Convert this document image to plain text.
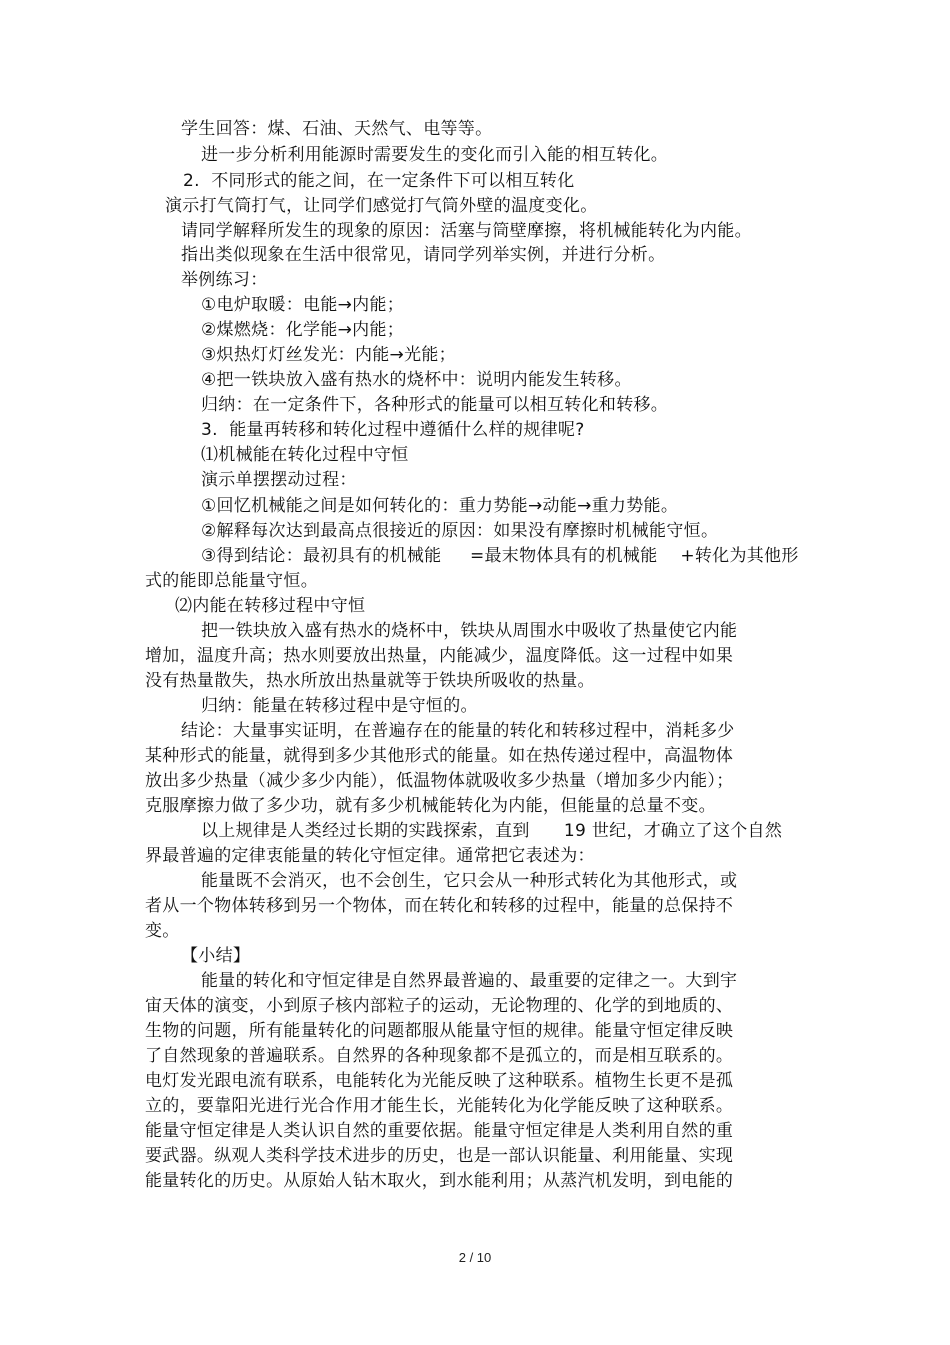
学生回答：煤、石油、天然气、电等等。
进一步分析利用能源时需要发生的变化而引入能的相互转化。
2.  不同形式的能之间，在一定条件下可以相互转化
演示打气筒打气，让同学们感觉打气筒外壁的温度变化。
请同学解释所发生的现象的原因：活塞与筒壁摩擦，将机械能转化为内能。
指出类似现象在生活中很常见，请同学列举实例，并进行分析。
举例练习：
①电炉取暖：电能→内能；
②煤燃烧：化学能→内能；
③炽热灯灯丝发光：内能→光能；
④把一铁块放入盛有热水的烧杯中：说明内能发生转移。
归纳：在一定条件下，各种形式的能量可以相互转化和转移。
3.  能量再转移和转化过程中遵循什么样的规律呢?
⑴机械能在转化过程中守恒
演示单摆摆动过程：
①回忆机械能之间是如何转化的：重力势能→动能→重力势能。
②解释每次达到最高点很接近的原因：如果没有摩擦时机械能守恒。
③得到结论：最初具有的机械能     =最末物体具有的机械能    +转化为其他形
式的能即总能量守恒。
⑵内能在转移过程中守恒
把一铁块放入盛有热水的烧杯中，铁块从周围水中吸收了热量使它内能
增加，温度升高；热水则要放出热量，内能减少，温度降低。这一过程中如果
没有热量散失，热水所放出热量就等于铁块所吸收的热量。
归纳：能量在转移过程中是守恒的。
结论：大量事实证明，在普遍存在的能量的转化和转移过程中，消耗多少
某种形式的能量，就得到多少其他形式的能量。如在热传递过程中，高温物体
放出多少热量（减少多少内能），低温物体就吸收多少热量（增加多少内能）；
克服摩擦力做了多少功，就有多少机械能转化为内能，但能量的总量不变。
以上规律是人类经过长期的实践探索，直到      19 世纪，才确立了这个自然
界最普遍的定律衷能量的转化守恒定律。通常把它表述为：
能量既不会消灭，也不会创生，它只会从一种形式转化为其他形式，或
者从一个物体转移到另一个物体，而在转化和转移的过程中，能量的总保持不
变。
【小结】
能量的转化和守恒定律是自然界最普遍的、最重要的定律之一。大到宇
宙天体的演变，小到原子核内部粒子的运动，无论物理的、化学的到地质的、
生物的问题，所有能量转化的问题都服从能量守恒的规律。能量守恒定律反映
了自然现象的普遍联系。自然界的各种现象都不是孤立的，而是相互联系的。
电灯发光跟电流有联系，电能转化为光能反映了这种联系。植物生长更不是孤
立的，要靠阳光进行光合作用才能生长，光能转化为化学能反映了这种联系。
能量守恒定律是人类认识自然的重要依据。能量守恒定律是人类利用自然的重
要武器。纵观人类科学技术进步的历史，也是一部认识能量、利用能量、实现
能量转化的历史。从原始人钻木取火，到水能利用；从蒸汽机发明，到电能的
2 / 10
